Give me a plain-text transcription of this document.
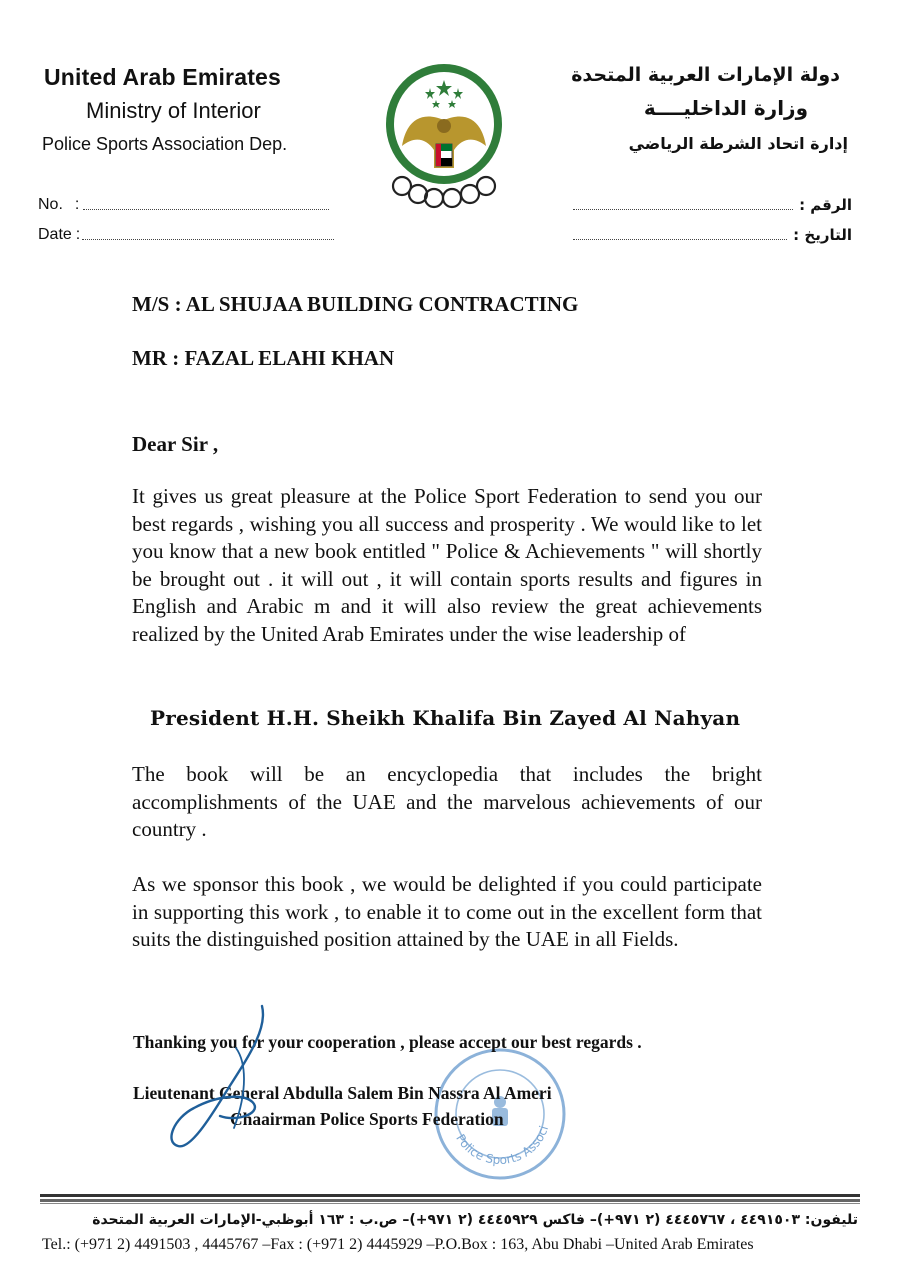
United Arab Emirates
Ministry of Interior
Police Sports Association Dep.
دولة الإمارات العربية المتحدة
وزارة الداخليــــة
إدارة اتحاد الشرطة الرياضي
No. :
Date :
الرقم :
التاريخ :
M/S : AL SHUJAA BUILDING CONTRACTING
MR : FAZAL ELAHI KHAN
Dear Sir ,
It gives us great pleasure at the Police Sport Federation to send you our best regards , wishing you all success and prosperity . We would like to let you know that a new book entitled " Police & Achievements " will shortly be brought out . it will out , it will contain sports results and figures in English and Arabic m and it will also review the great achievements realized by the United Arab Emirates under the wise leadership of
President H.H. Sheikh Khalifa Bin Zayed Al Nahyan
The book will be an encyclopedia that includes the bright accomplishments of the UAE and the marvelous achievements of our country .
As we sponsor this book , we would be delighted if you could participate in supporting this work , to enable it to come out in the excellent form that suits the distinguished position attained by the UAE in all Fields.
Police Sports Associ
Thanking you for your cooperation , please accept our best regards .
Lieutenant General Abdulla Salem Bin Nassra Al Ameri
Chaairman Police Sports Federation
تليفون: ٤٤٩١٥٠٣ ، ٤٤٤٥٧٦٧ (٢ ٩٧١+)– فاكس ٤٤٤٥٩٢٩ (٢ ٩٧١+)– ص.ب : ١٦٣ أبوظبي-الإمارات العربية المتحدة
Tel.: (+971 2) 4491503 , 4445767 –Fax : (+971 2) 4445929 –P.O.Box : 163, Abu Dhabi –United Arab Emirates
